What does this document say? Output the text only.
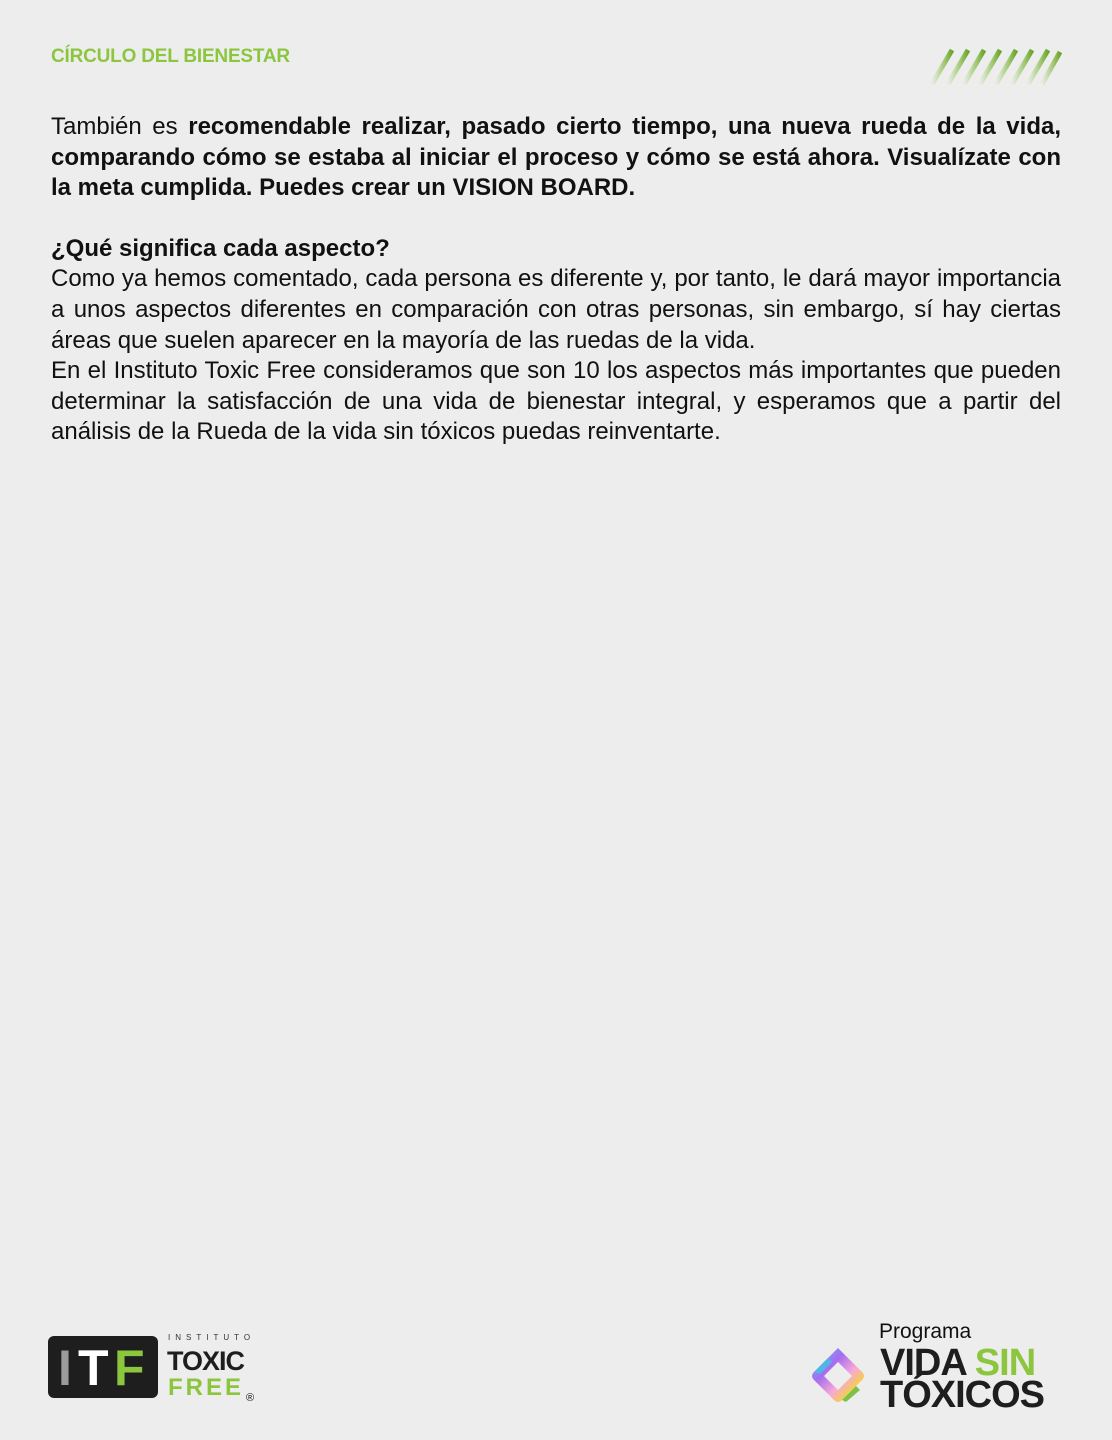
CÍRCULO DEL BIENESTAR

También es recomendable realizar, pasado cierto tiempo, una nueva rueda de la vida, comparando cómo se estaba al iniciar el proceso y cómo se está ahora. Visualízate con la meta cumplida. Puedes crear un VISION BOARD.

¿Qué significa cada aspecto?

Como ya hemos comentado, cada persona es diferente y, por tanto, le dará mayor importancia a unos aspectos diferentes en comparación con otras personas, sin embargo, sí hay ciertas áreas que suelen aparecer en la mayoría de las ruedas de la vida.

En el Instituto Toxic Free consideramos que son 10 los aspectos más importantes que pueden determinar la satisfacción de una vida de bienestar integral, y esperamos que a partir del análisis de la Rueda de la vida sin tóxicos puedas reinventarte.

I T F
INSTITUTO
TOXIC
FREE ®
Programa
VIDA SIN
TÓXICOS
